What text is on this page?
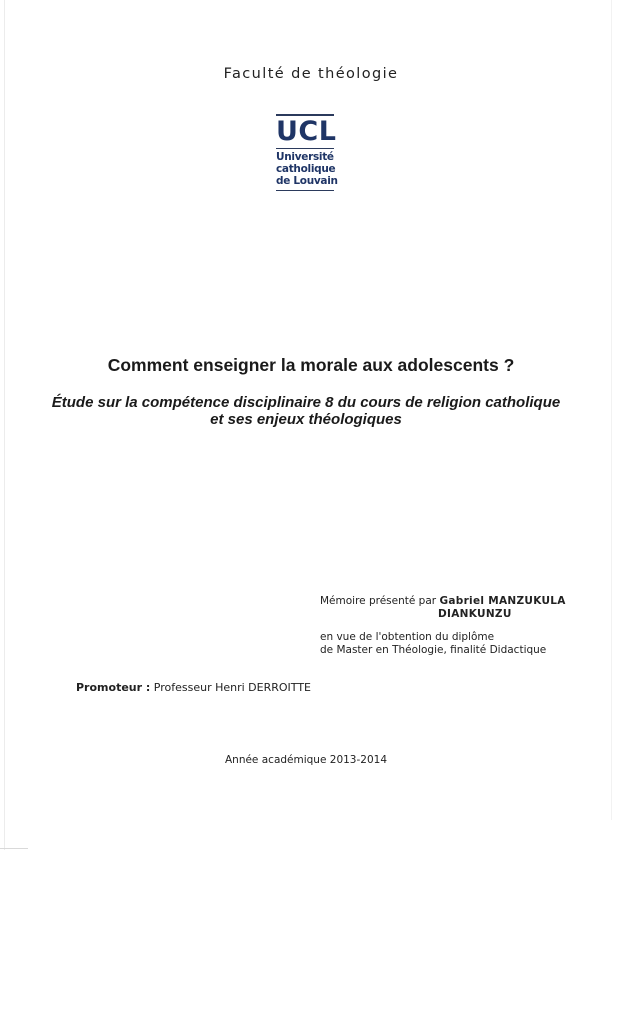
Faculté de théologie
UCL
Université
catholique
de Louvain
Comment enseigner la morale aux adolescents ?
Étude sur la compétence disciplinaire 8 du cours de religion catholique
et ses enjeux théologiques
Mémoire présenté par Gabriel MANZUKULA
DIANKUNZU
en vue de l'obtention du diplôme
de Master en Théologie, finalité Didactique
Promoteur : Professeur Henri DERROITTE
Année académique 2013-2014
